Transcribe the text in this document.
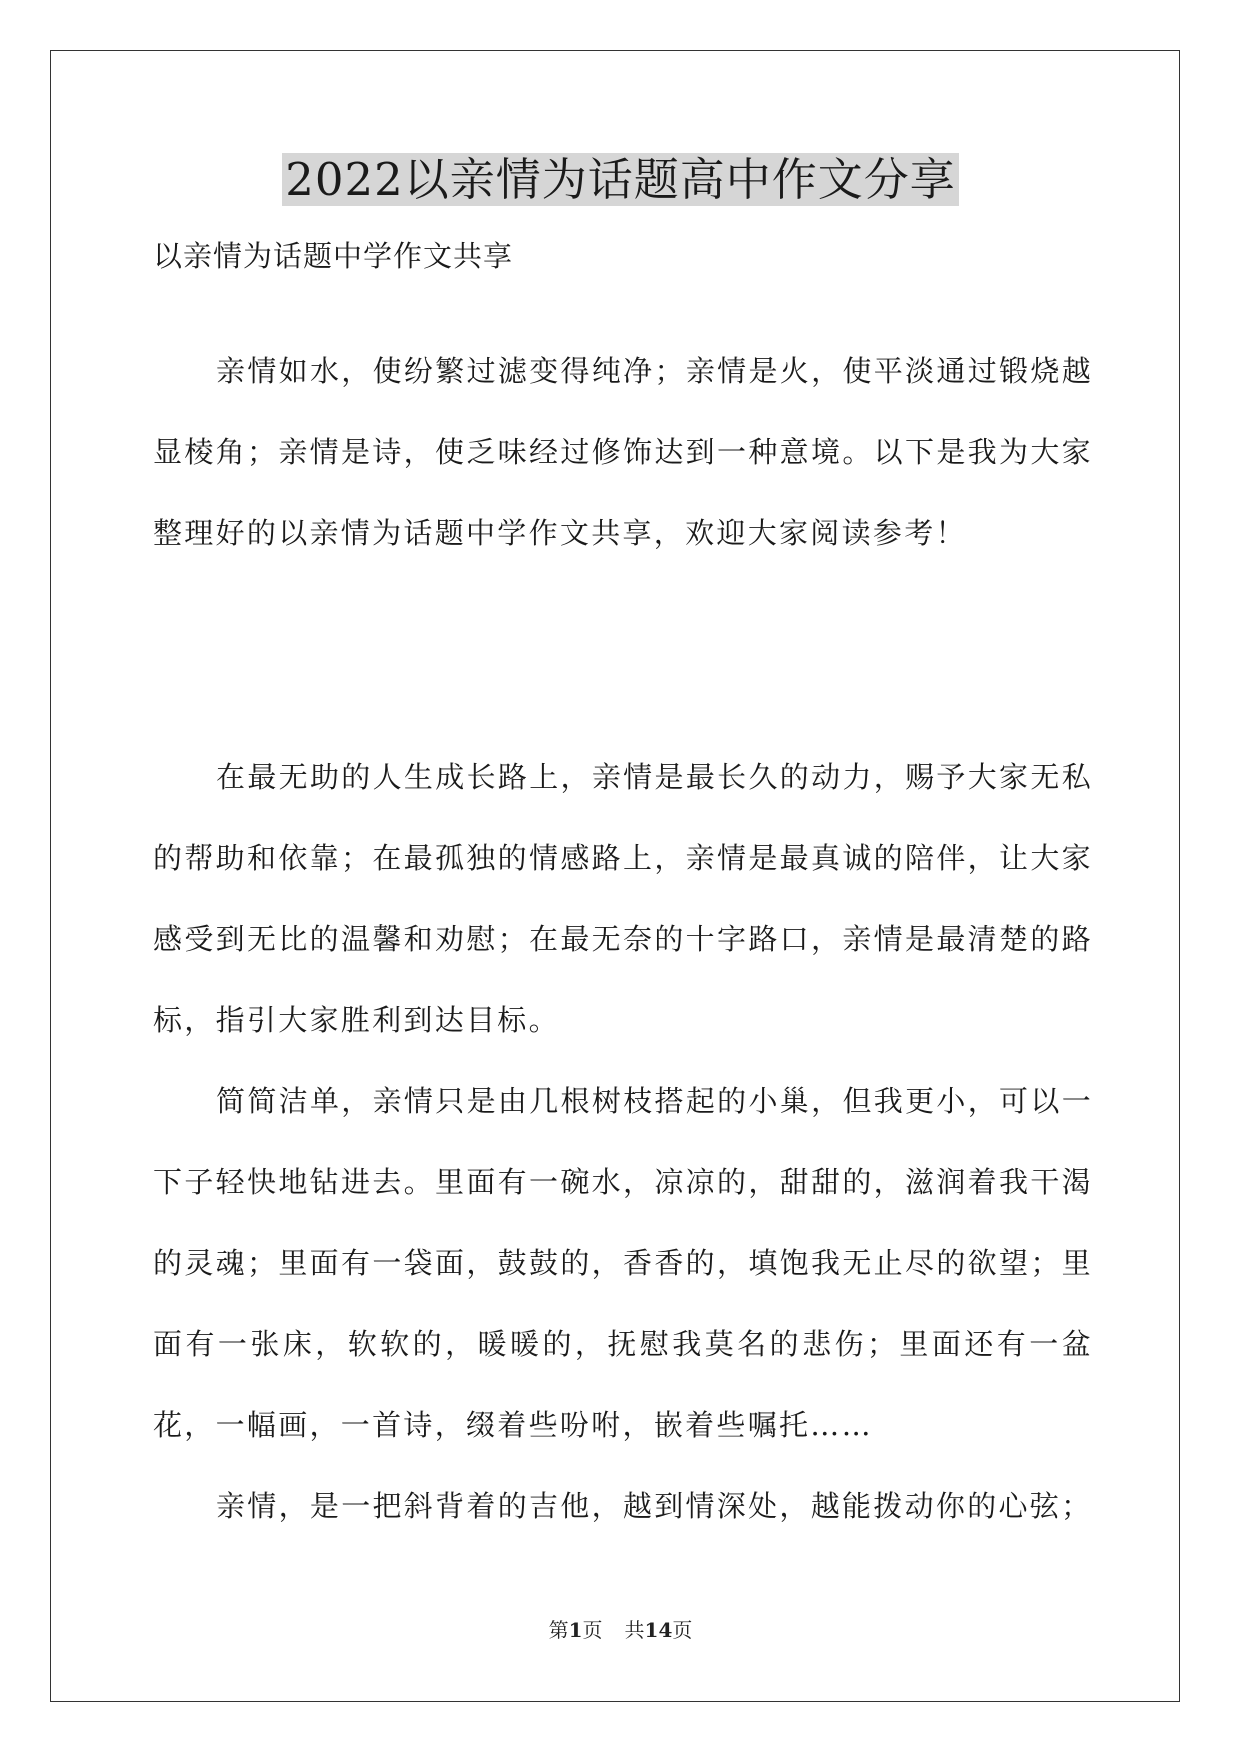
2022以亲情为话题高中作文分享

以亲情为话题中学作文共享

亲情如水，使纷繁过滤变得纯净；亲情是火，使平淡通过锻烧越显棱角；亲情是诗，使乏味经过修饰达到一种意境。以下是我为大家整理好的以亲情为话题中学作文共享，欢迎大家阅读参考！

在最无助的人生成长路上，亲情是最长久的动力，赐予大家无私的帮助和依靠；在最孤独的情感路上，亲情是最真诚的陪伴，让大家感受到无比的温馨和劝慰；在最无奈的十字路口，亲情是最清楚的路标，指引大家胜利到达目标。

简简洁单，亲情只是由几根树枝搭起的小巢，但我更小，可以一下子轻快地钻进去。里面有一碗水，凉凉的，甜甜的，滋润着我干渴的灵魂；里面有一袋面，鼓鼓的，香香的，填饱我无止尽的欲望；里面有一张床，软软的，暖暖的，抚慰我莫名的悲伤；里面还有一盆花，一幅画，一首诗，缀着些吩咐，嵌着些嘱托……

亲情，是一把斜背着的吉他，越到情深处，越能拨动你的心弦；

第1页 共14页
